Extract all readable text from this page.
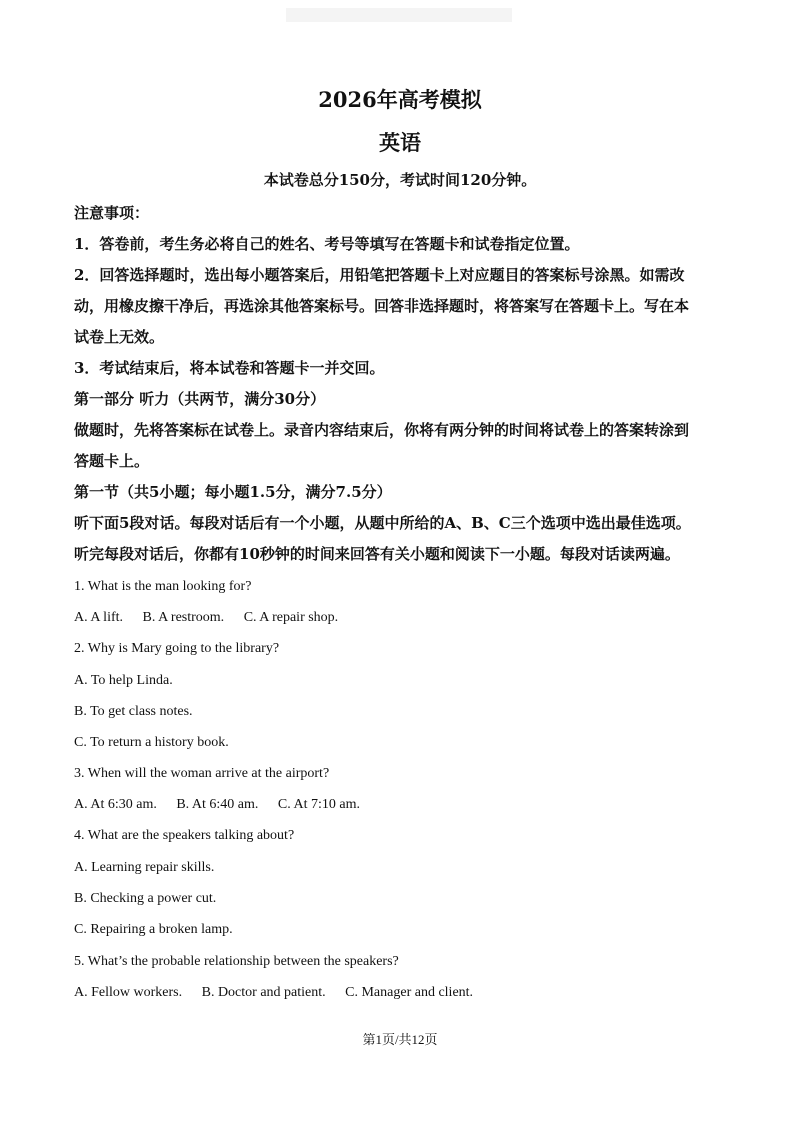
2026年高考模拟
英语
本试卷总分150分，考试时间120分钟。
注意事项：
1．答卷前，考生务必将自己的姓名、考号等填写在答题卡和试卷指定位置。
2．回答选择题时，选出每小题答案后，用铅笔把答题卡上对应题目的答案标号涂黑。如需改
动，用橡皮擦干净后，再选涂其他答案标号。回答非选择题时，将答案写在答题卡上。写在本
试卷上无效。
3．考试结束后，将本试卷和答题卡一并交回。
第一部分 听力（共两节，满分30分）
做题时，先将答案标在试卷上。录音内容结束后，你将有两分钟的时间将试卷上的答案转涂到
答题卡上。
第一节（共5小题；每小题1.5分，满分7.5分）
听下面5段对话。每段对话后有一个小题，从题中所给的A、B、C三个选项中选出最佳选项。
听完每段对话后，你都有10秒钟的时间来回答有关小题和阅读下一小题。每段对话读两遍。
1. What is the man looking for?
A. A lift. B. A restroom. C. A repair shop.
2. Why is Mary going to the library?
A. To help Linda.
B. To get class notes.
C. To return a history book.
3. When will the woman arrive at the airport?
A. At 6:30 am. B. At 6:40 am. C. At 7:10 am.
4. What are the speakers talking about?
A. Learning repair skills.
B. Checking a power cut.
C. Repairing a broken lamp.
5. What’s the probable relationship between the speakers?
A. Fellow workers. B. Doctor and patient. C. Manager and client.
第1页/共12页
